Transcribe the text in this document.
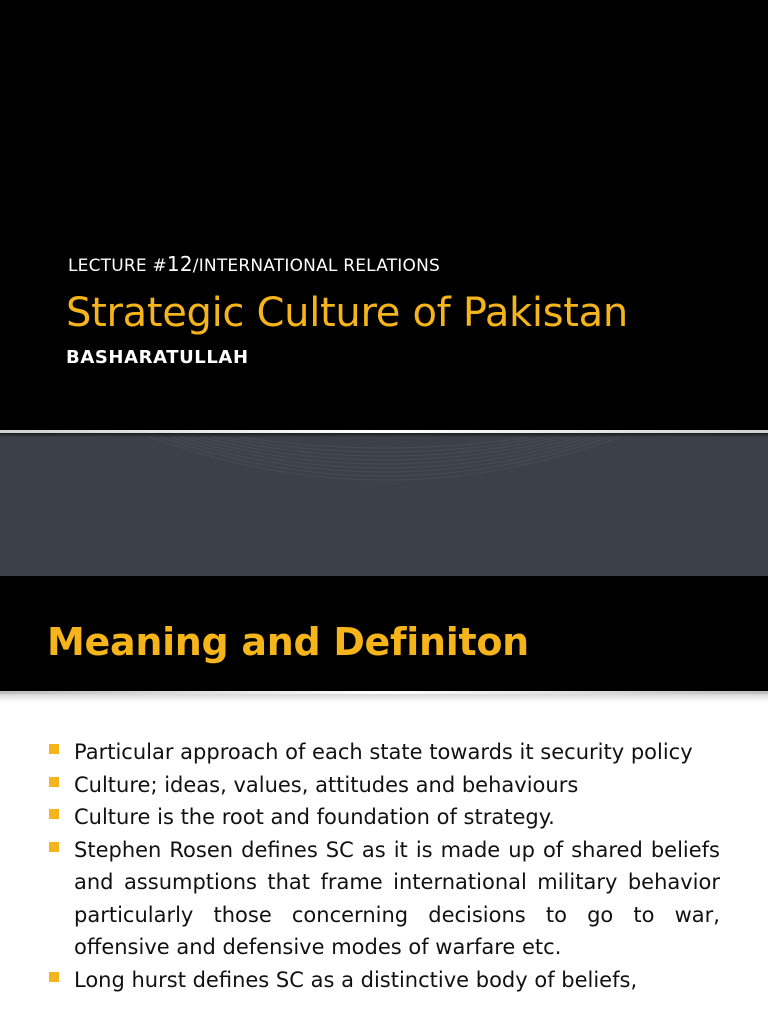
LECTURE #12/INTERNATIONAL RELATIONS
Strategic Culture of Pakistan
BASHARATULLAH
Meaning and Definiton
Particular approach of each state towards it security policy
Culture; ideas, values, attitudes and behaviours
Culture is the root and foundation of strategy.
Stephen Rosen defines SC as it is made up of shared beliefs and assumptions that frame international military behavior particularly those concerning decisions to go to war, offensive and defensive modes of warfare etc.
Long hurst defines SC as a distinctive body of beliefs,
